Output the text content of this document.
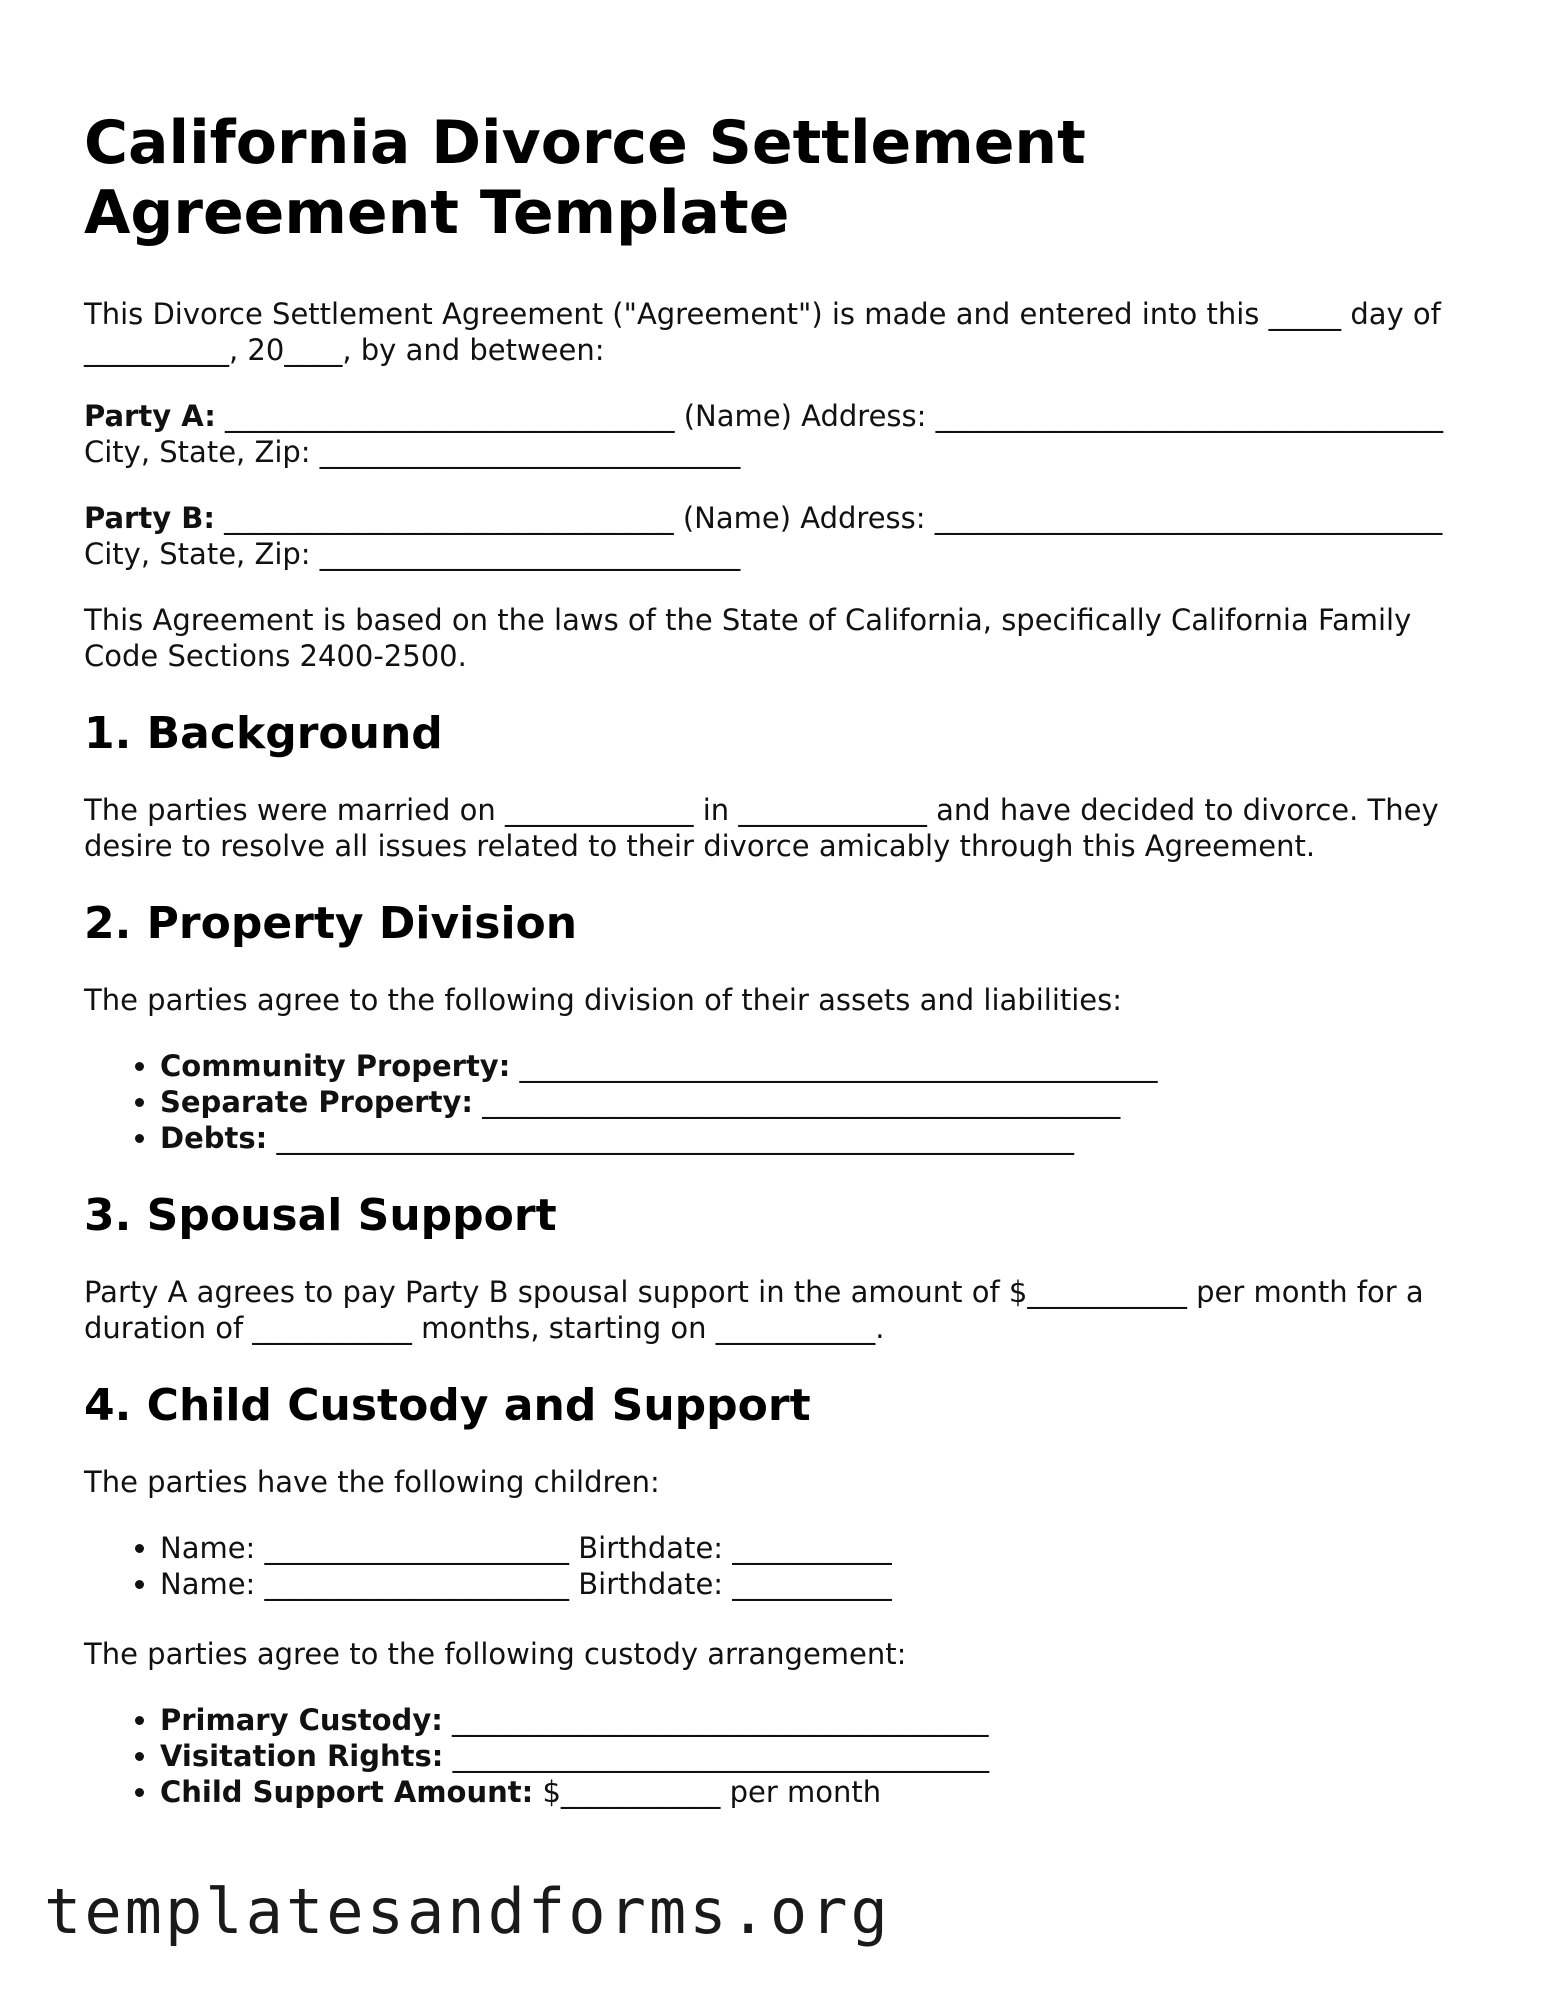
California Divorce Settlement Agreement Template

This Divorce Settlement Agreement ("Agreement") is made and entered into this _____ day of __________, 20____, by and between:

Party A: _______________________________ (Name) Address: ___________________________________ City, State, Zip: _____________________________

Party B: _______________________________ (Name) Address: ___________________________________ City, State, Zip: _____________________________

This Agreement is based on the laws of the State of California, specifically California Family Code Sections 2400-2500.

1. Background

The parties were married on _____________ in _____________ and have decided to divorce. They desire to resolve all issues related to their divorce amicably through this Agreement.

2. Property Division

The parties agree to the following division of their assets and liabilities:

• Community Property: ____________________________________________
• Separate Property: ____________________________________________
• Debts: _______________________________________________________
3. Spousal Support

Party A agrees to pay Party B spousal support in the amount of $___________ per month for a duration of ___________ months, starting on ___________.

4. Child Custody and Support

The parties have the following children:

• Name: _____________________ Birthdate: ___________
• Name: _____________________ Birthdate: ___________

The parties agree to the following custody arrangement:

• Primary Custody: _____________________________________
• Visitation Rights: _____________________________________
• Child Support Amount: $___________ per month
templatesandforms.org
